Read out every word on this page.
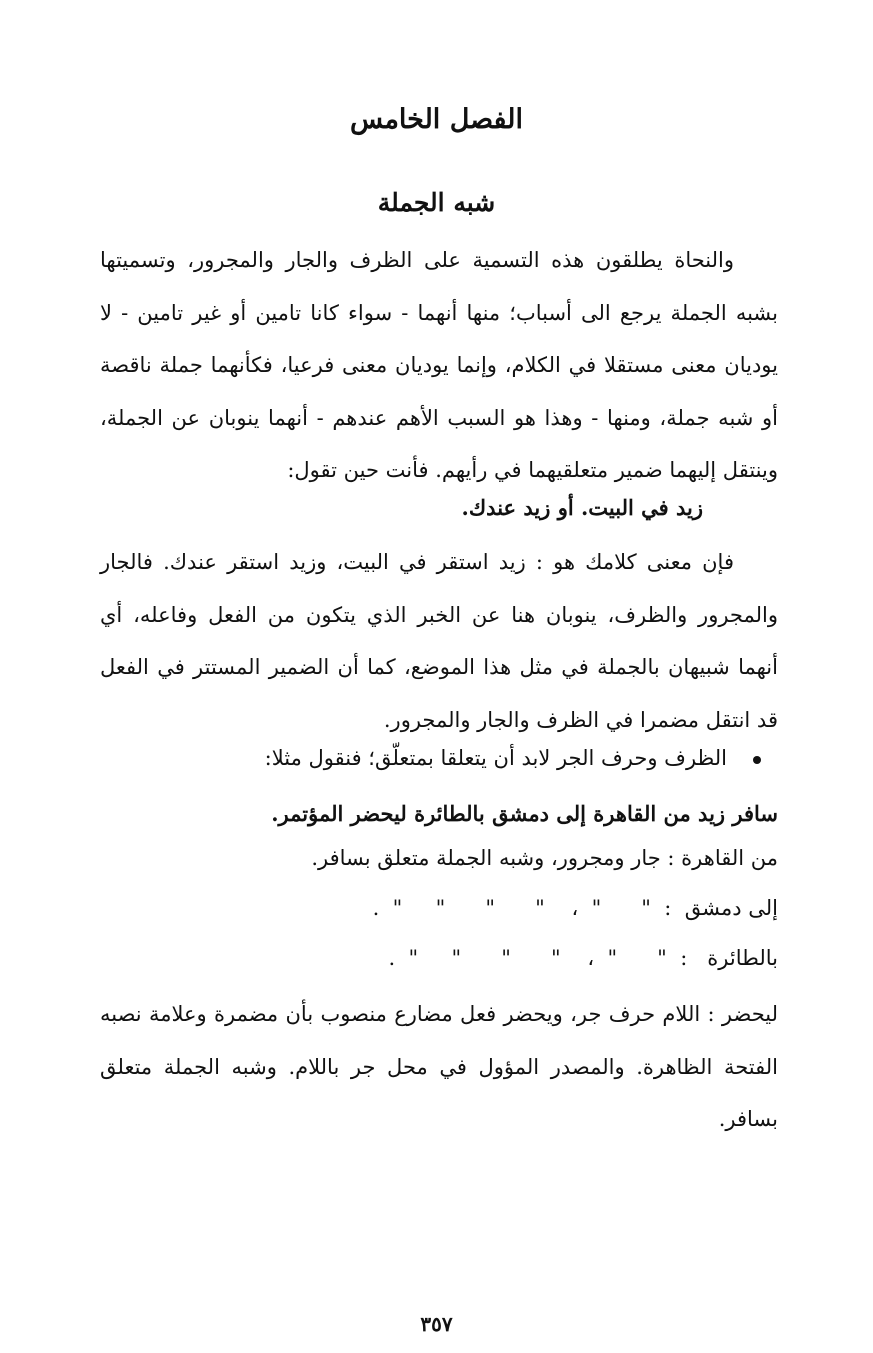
الفصل الخامس
شبه الجملة
والنحاة يطلقون هذه التسمية على الظرف والجار والمجرور، وتسميتها بشبه الجملة يرجع الى أسباب؛ منها أنهما - سواء كانا تامين أو غير تامين - لا يوديان معنى مستقلا في الكلام، وإنما يوديان معنى فرعيا، فكأنهما جملة ناقصة أو شبه جملة، ومنها - وهذا هو السبب الأهم عندهم - أنهما ينوبان عن الجملة، وينتقل إليهما ضمير متعلقيهما في رأيهم. فأنت حين تقول:
زيد في البيت. أو زيد عندك.
فإن معنى كلامك هو : زيد استقر في البيت، وزيد استقر عندك. فالجار والمجرور والظرف، ينوبان هنا عن الخبر الذي يتكون من الفعل وفاعله، أي أنهما شبيهان بالجملة في مثل هذا الموضع، كما أن الضمير المستتر في الفعل قد انتقل مضمرا في الظرف والجار والمجرور.
الظرف وحرف الجر لابد أن يتعلقا بمتعلّق؛ فنقول مثلا:
سافر زيد من القاهرة إلى دمشق بالطائرة ليحضر المؤتمر.
من القاهرة : جار ومجرور، وشبه الجملة متعلق بسافر.
إلى دمشق  :  "      "  ،    "      "      "     "  .
بالطائرة   :  "      "  ،    "      "      "     "  .
ليحضر : اللام حرف جر، ويحضر فعل مضارع منصوب بأن مضمرة وعلامة نصبه الفتحة الظاهرة. والمصدر المؤول في محل جر باللام. وشبه الجملة متعلق بسافر.
٣٥٧
